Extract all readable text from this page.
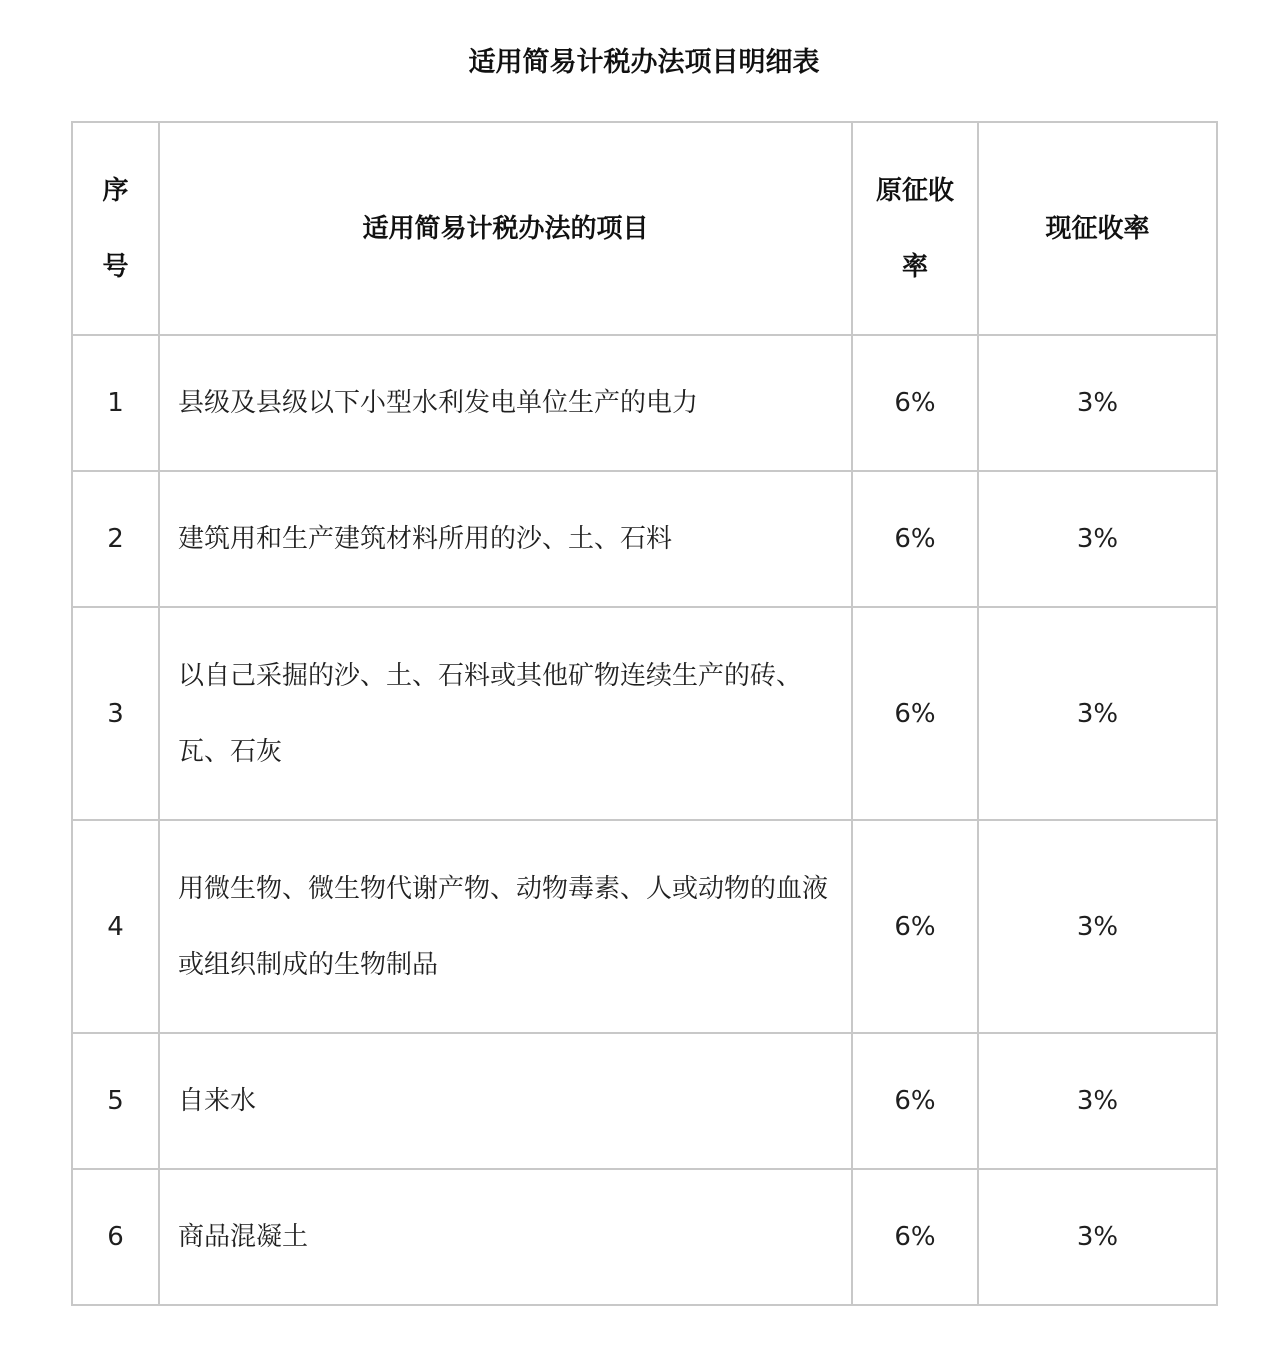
适用简易计税办法项目明细表
序号	适用简易计税办法的项目	原征收率	现征收率
1	县级及县级以下小型水利发电单位生产的电力	6%	3%
2	建筑用和生产建筑材料所用的沙、土、石料	6%	3%
3	以自己采掘的沙、土、石料或其他矿物连续生产的砖、瓦、石灰	6%	3%
4	用微生物、微生物代谢产物、动物毒素、人或动物的血液或组织制成的生物制品	6%	3%
5	自来水	6%	3%
6	商品混凝土	6%	3%
